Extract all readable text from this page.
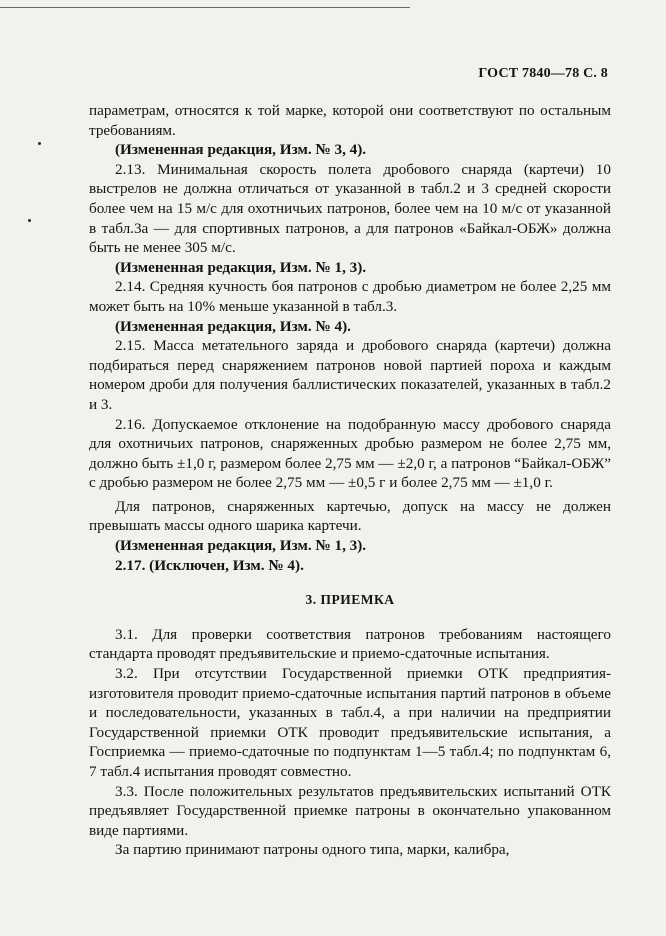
ГОСТ 7840—78 С. 8

параметрам, относятся к той марке, которой они соответствуют по остальным требованиям.

(Измененная редакция, Изм. № 3, 4).

2.13. Минимальная скорость полета дробового снаряда (картечи) 10 выстрелов не должна отличаться от указанной в табл.2 и 3 средней скорости более чем на 15 м/с для охотничьих патронов, более чем на 10 м/с от указанной в табл.3а — для спортивных патронов, а для патронов «Байкал-ОБЖ» должна быть не менее 305 м/с.

(Измененная редакция, Изм. № 1, 3).

2.14. Средняя кучность боя патронов с дробью диаметром не более 2,25 мм может быть на 10% меньше указанной в табл.3.

(Измененная редакция, Изм. № 4).

2.15. Масса метательного заряда и дробового снаряда (картечи) должна подбираться перед снаряжением патронов новой партией пороха и каждым номером дроби для получения баллистических показателей, указанных в табл.2 и 3.

2.16. Допускаемое отклонение на подобранную массу дробового снаряда для охотничьих патронов, снаряженных дробью размером не более 2,75 мм, должно быть ±1,0 г, размером более 2,75 мм — ±2,0 г, а патронов “Байкал-ОБЖ” с дробью размером не более 2,75 мм — ±0,5 г и более 2,75 мм — ±1,0 г.

Для патронов, снаряженных картечью, допуск на массу не должен превышать массы одного шарика картечи.

(Измененная редакция, Изм. № 1, 3).

2.17. (Исключен, Изм. № 4).

3. ПРИЕМКА

3.1. Для проверки соответствия патронов требованиям настоящего стандарта проводят предъявительские и приемо-сдаточные испытания.

3.2. При отсутствии Государственной приемки ОТК предприятия-изготовителя проводит приемо-сдаточные испытания партий патронов в объеме и последовательности, указанных в табл.4, а при наличии на предприятии Государственной приемки ОТК проводит предъявительские испытания, а Госприемка — приемо-сдаточные по подпунктам 1—5 табл.4; по подпунктам 6, 7 табл.4 испытания проводят совместно.

3.3. После положительных результатов предъявительских испытаний ОТК предъявляет Государственной приемке патроны в окончательно упакованном виде партиями.

За партию принимают патроны одного типа, марки, калибра,
